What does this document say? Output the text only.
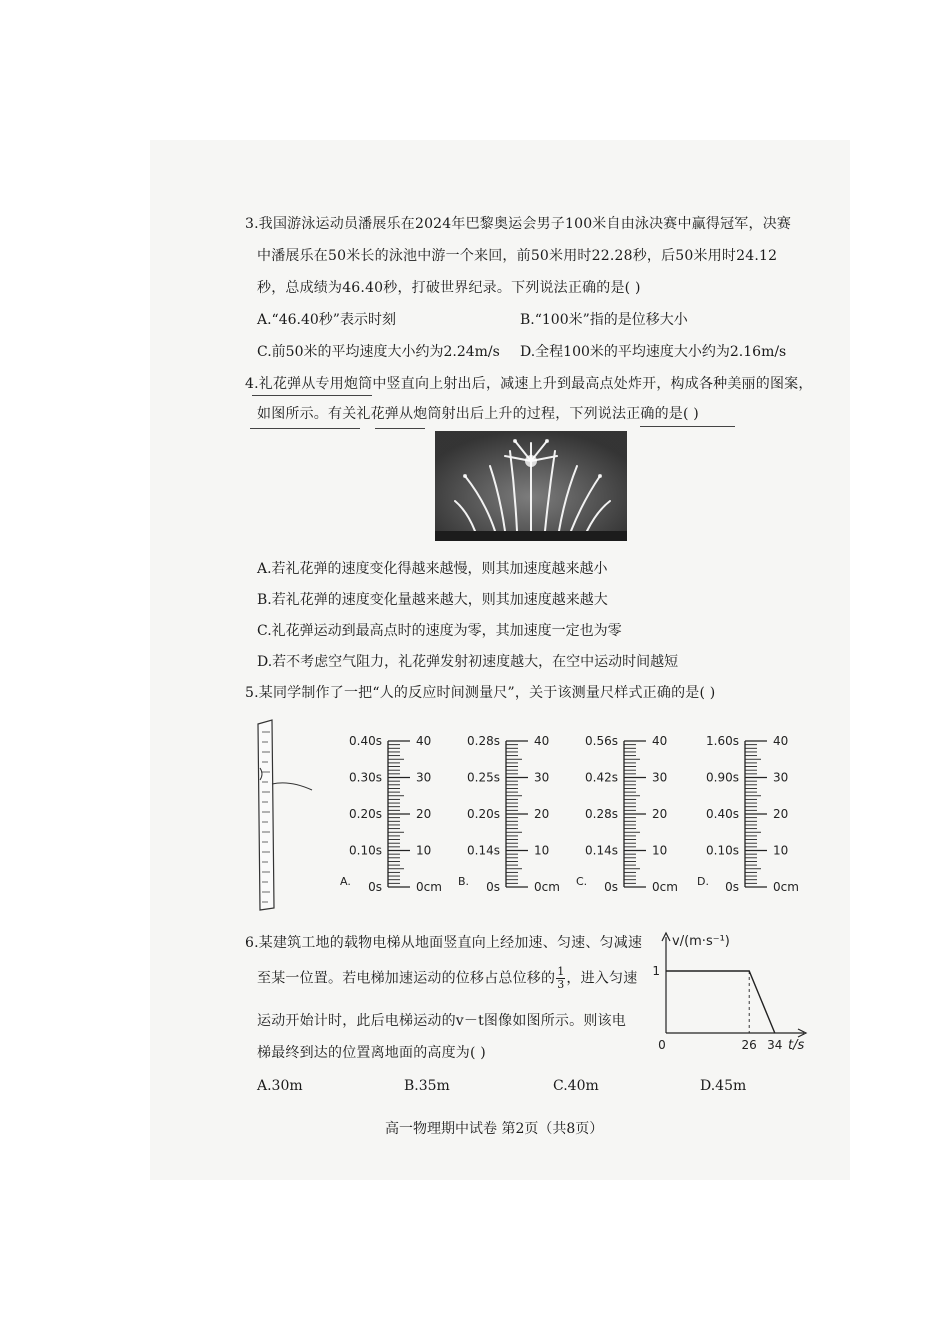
3.我国游泳运动员潘展乐在2024年巴黎奥运会男子100米自由泳决赛中赢得冠军，决赛
中潘展乐在50米长的泳池中游一个来回，前50米用时22.28秒，后50米用时24.12
秒，总成绩为46.40秒，打破世界纪录。下列说法正确的是( )
A.“46.40秒”表示时刻	B.“100米”指的是位移大小
C.前50米的平均速度大小约为2.24m/s D.全程100米的平均速度大小约为2.16m/s
4.礼花弹从专用炮筒中竖直向上射出后，减速上升到最高点处炸开，构成各种美丽的图案，
如图所示。有关礼花弹从炮筒射出后上升的过程，下列说法正确的是( )
A.若礼花弹的速度变化得越来越慢，则其加速度越来越小
B.若礼花弹的速度变化量越来越大，则其加速度越来越大
C.礼花弹运动到最高点时的速度为零，其加速度一定也为零
D.若不考虑空气阻力，礼花弹发射初速度越大，在空中运动时间越短
5.某同学制作了一把“人的反应时间测量尺”，关于该测量尺样式正确的是( )
0.40s
0.30s
0.20s
0.10s
0s
40
30
20
10
0cm
A.
0.28s
0.25s
0.20s
0.14s
0s
40
30
20
10
0cm
B.
0.56s
0.42s
0.28s
0.14s
0s
40
30
20
10
0cm
C.
1.60s
0.90s
0.40s
0.10s
0s
40
30
20
10
0cm
D.
6.某建筑工地的载物电梯从地面竖直向上经加速、匀速、匀减速
至某一位置。若电梯加速运动的位移占总位移的 $\frac{1}{3}$ ，进入匀速
运动开始计时，此后电梯运动的v－t图像如图所示。则该电
梯最终到达的位置离地面的高度为( )
v/(m·s⁻¹)
t/s
0	26 34
1
A.30m	B.35m	C.40m	D.45m
高一物理期中试卷 第2页（共8页）
